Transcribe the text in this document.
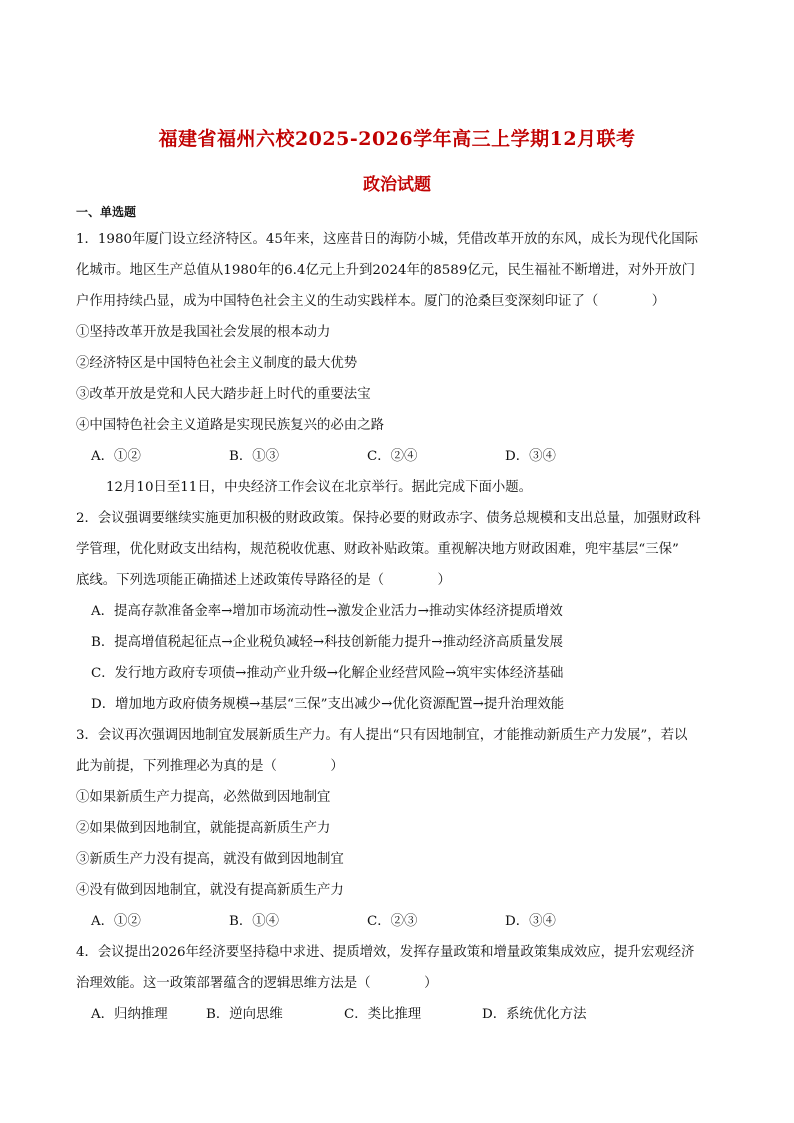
福建省福州六校2025-2026学年高三上学期12月联考
政治试题
一、单选题
1．1980年厦门设立经济特区。45年来，这座昔日的海防小城，凭借改革开放的东风，成长为现代化国际
化城市。地区生产总值从1980年的6.4亿元上升到2024年的8589亿元，民生福祉不断增进，对外开放门
户作用持续凸显，成为中国特色社会主义的生动实践样本。厦门的沧桑巨变深刻印证了（　　　　）
①坚持改革开放是我国社会发展的根本动力
②经济特区是中国特色社会主义制度的最大优势
③改革开放是党和人民大踏步赶上时代的重要法宝
④中国特色社会主义道路是实现民族复兴的必由之路
A．①②	B．①③	C．②④	D．③④
12月10日至11日，中央经济工作会议在北京举行。据此完成下面小题。
2．会议强调要继续实施更加积极的财政政策。保持必要的财政赤字、债务总规模和支出总量，加强财政科
学管理，优化财政支出结构，规范税收优惠、财政补贴政策。重视解决地方财政困难，兜牢基层“三保”
底线。下列选项能正确描述上述政策传导路径的是（　　　　）
A．提高存款准备金率→增加市场流动性→激发企业活力→推动实体经济提质增效
B．提高增值税起征点→企业税负减轻→科技创新能力提升→推动经济高质量发展
C．发行地方政府专项债→推动产业升级→化解企业经营风险→筑牢实体经济基础
D．增加地方政府债务规模→基层“三保”支出减少→优化资源配置→提升治理效能
3．会议再次强调因地制宜发展新质生产力。有人提出“只有因地制宜，才能推动新质生产力发展”，若以
此为前提，下列推理必为真的是（　　　　）
①如果新质生产力提高，必然做到因地制宜
②如果做到因地制宜，就能提高新质生产力
③新质生产力没有提高，就没有做到因地制宜
④没有做到因地制宜，就没有提高新质生产力
A．①②	B．①④	C．②③	D．③④
4．会议提出2026年经济要坚持稳中求进、提质增效，发挥存量政策和增量政策集成效应，提升宏观经济
治理效能。这一政策部署蕴含的逻辑思维方法是（　　　　）
A．归纳推理	B．逆向思维	C．类比推理	D．系统优化方法
